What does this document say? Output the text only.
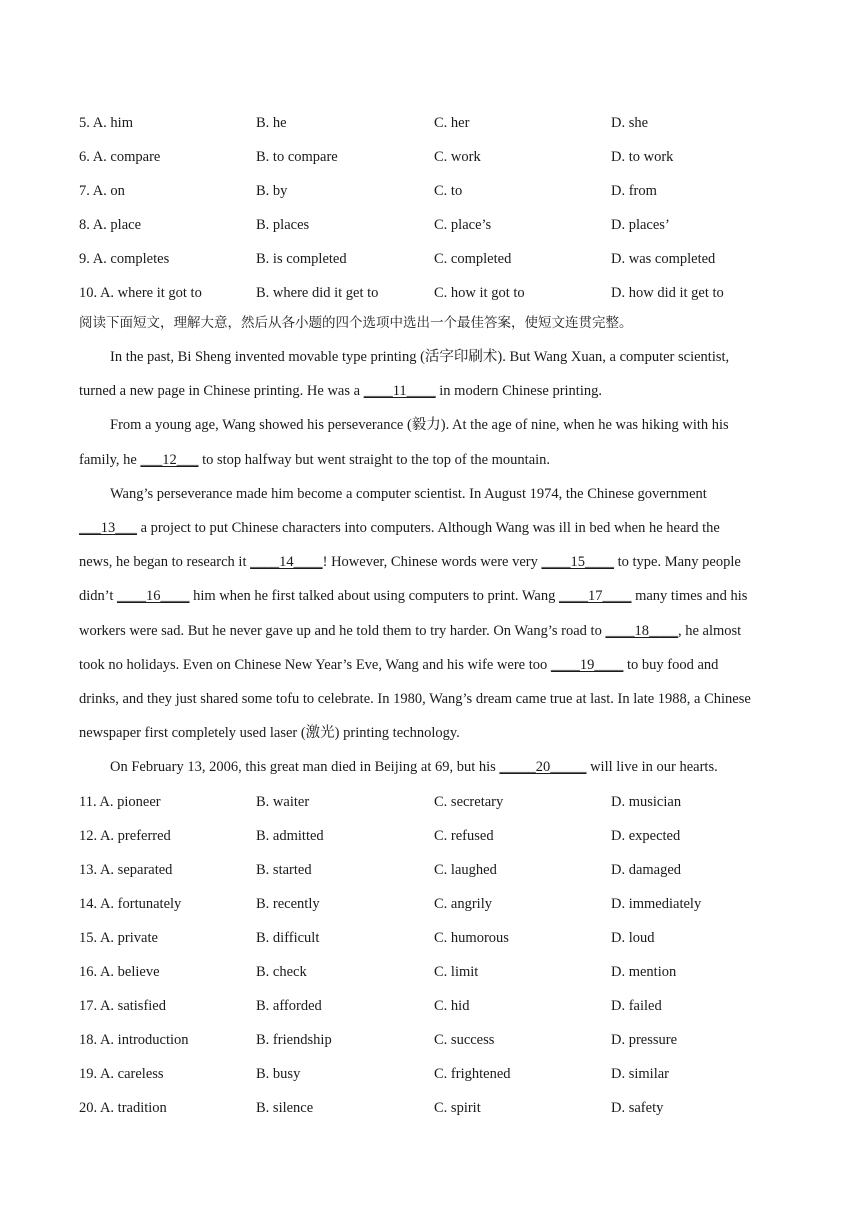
5. A. him	B. he	C. her	D. she
6. A. compare	B. to compare	C. work	D. to work
7. A. on	B. by	C. to	D. from
8. A. place	B. places	C. place’s	D. places’
9. A. completes	B. is completed	C. completed	D. was completed
10. A. where it got to	B. where did it get to	C. how it got to	D. how did it get to
阅读下面短文，理解大意，然后从各小题的四个选项中选出一个最佳答案，使短文连贯完整。

In the past, Bi Sheng invented movable type printing (活字印刷术). But Wang Xuan, a computer scientist,
turned a new page in Chinese printing. He was a ____11____ in modern Chinese printing.

From a young age, Wang showed his perseverance (毅力). At the age of nine, when he was hiking with his
family, he ___12___ to stop halfway but went straight to the top of the mountain.

Wang’s perseverance made him become a computer scientist. In August 1974, the Chinese government
___13___ a project to put Chinese characters into computers. Although Wang was ill in bed when he heard the
news, he began to research it ____14____! However, Chinese words were very ____15____ to type. Many people
didn’t ____16____ him when he first talked about using computers to print. Wang ____17____ many times and his
workers were sad. But he never gave up and he told them to try harder. On Wang’s road to ____18____, he almost
took no holidays. Even on Chinese New Year’s Eve, Wang and his wife were too ____19____ to buy food and
drinks, and they just shared some tofu to celebrate. In 1980, Wang’s dream came true at last. In late 1988, a Chinese
newspaper first completely used laser (激光) printing technology.

On February 13, 2006, this great man died in Beijing at 69, but his _____20_____ will live in our hearts.

11. A. pioneer	B. waiter	C. secretary	D. musician
12. A. preferred	B. admitted	C. refused	D. expected
13. A. separated	B. started	C. laughed	D. damaged
14. A. fortunately	B. recently	C. angrily	D. immediately
15. A. private	B. difficult	C. humorous	D. loud
16. A. believe	B. check	C. limit	D. mention
17. A. satisfied	B. afforded	C. hid	D. failed
18. A. introduction	B. friendship	C. success	D. pressure
19. A. careless	B. busy	C. frightened	D. similar
20. A. tradition	B. silence	C. spirit	D. safety
